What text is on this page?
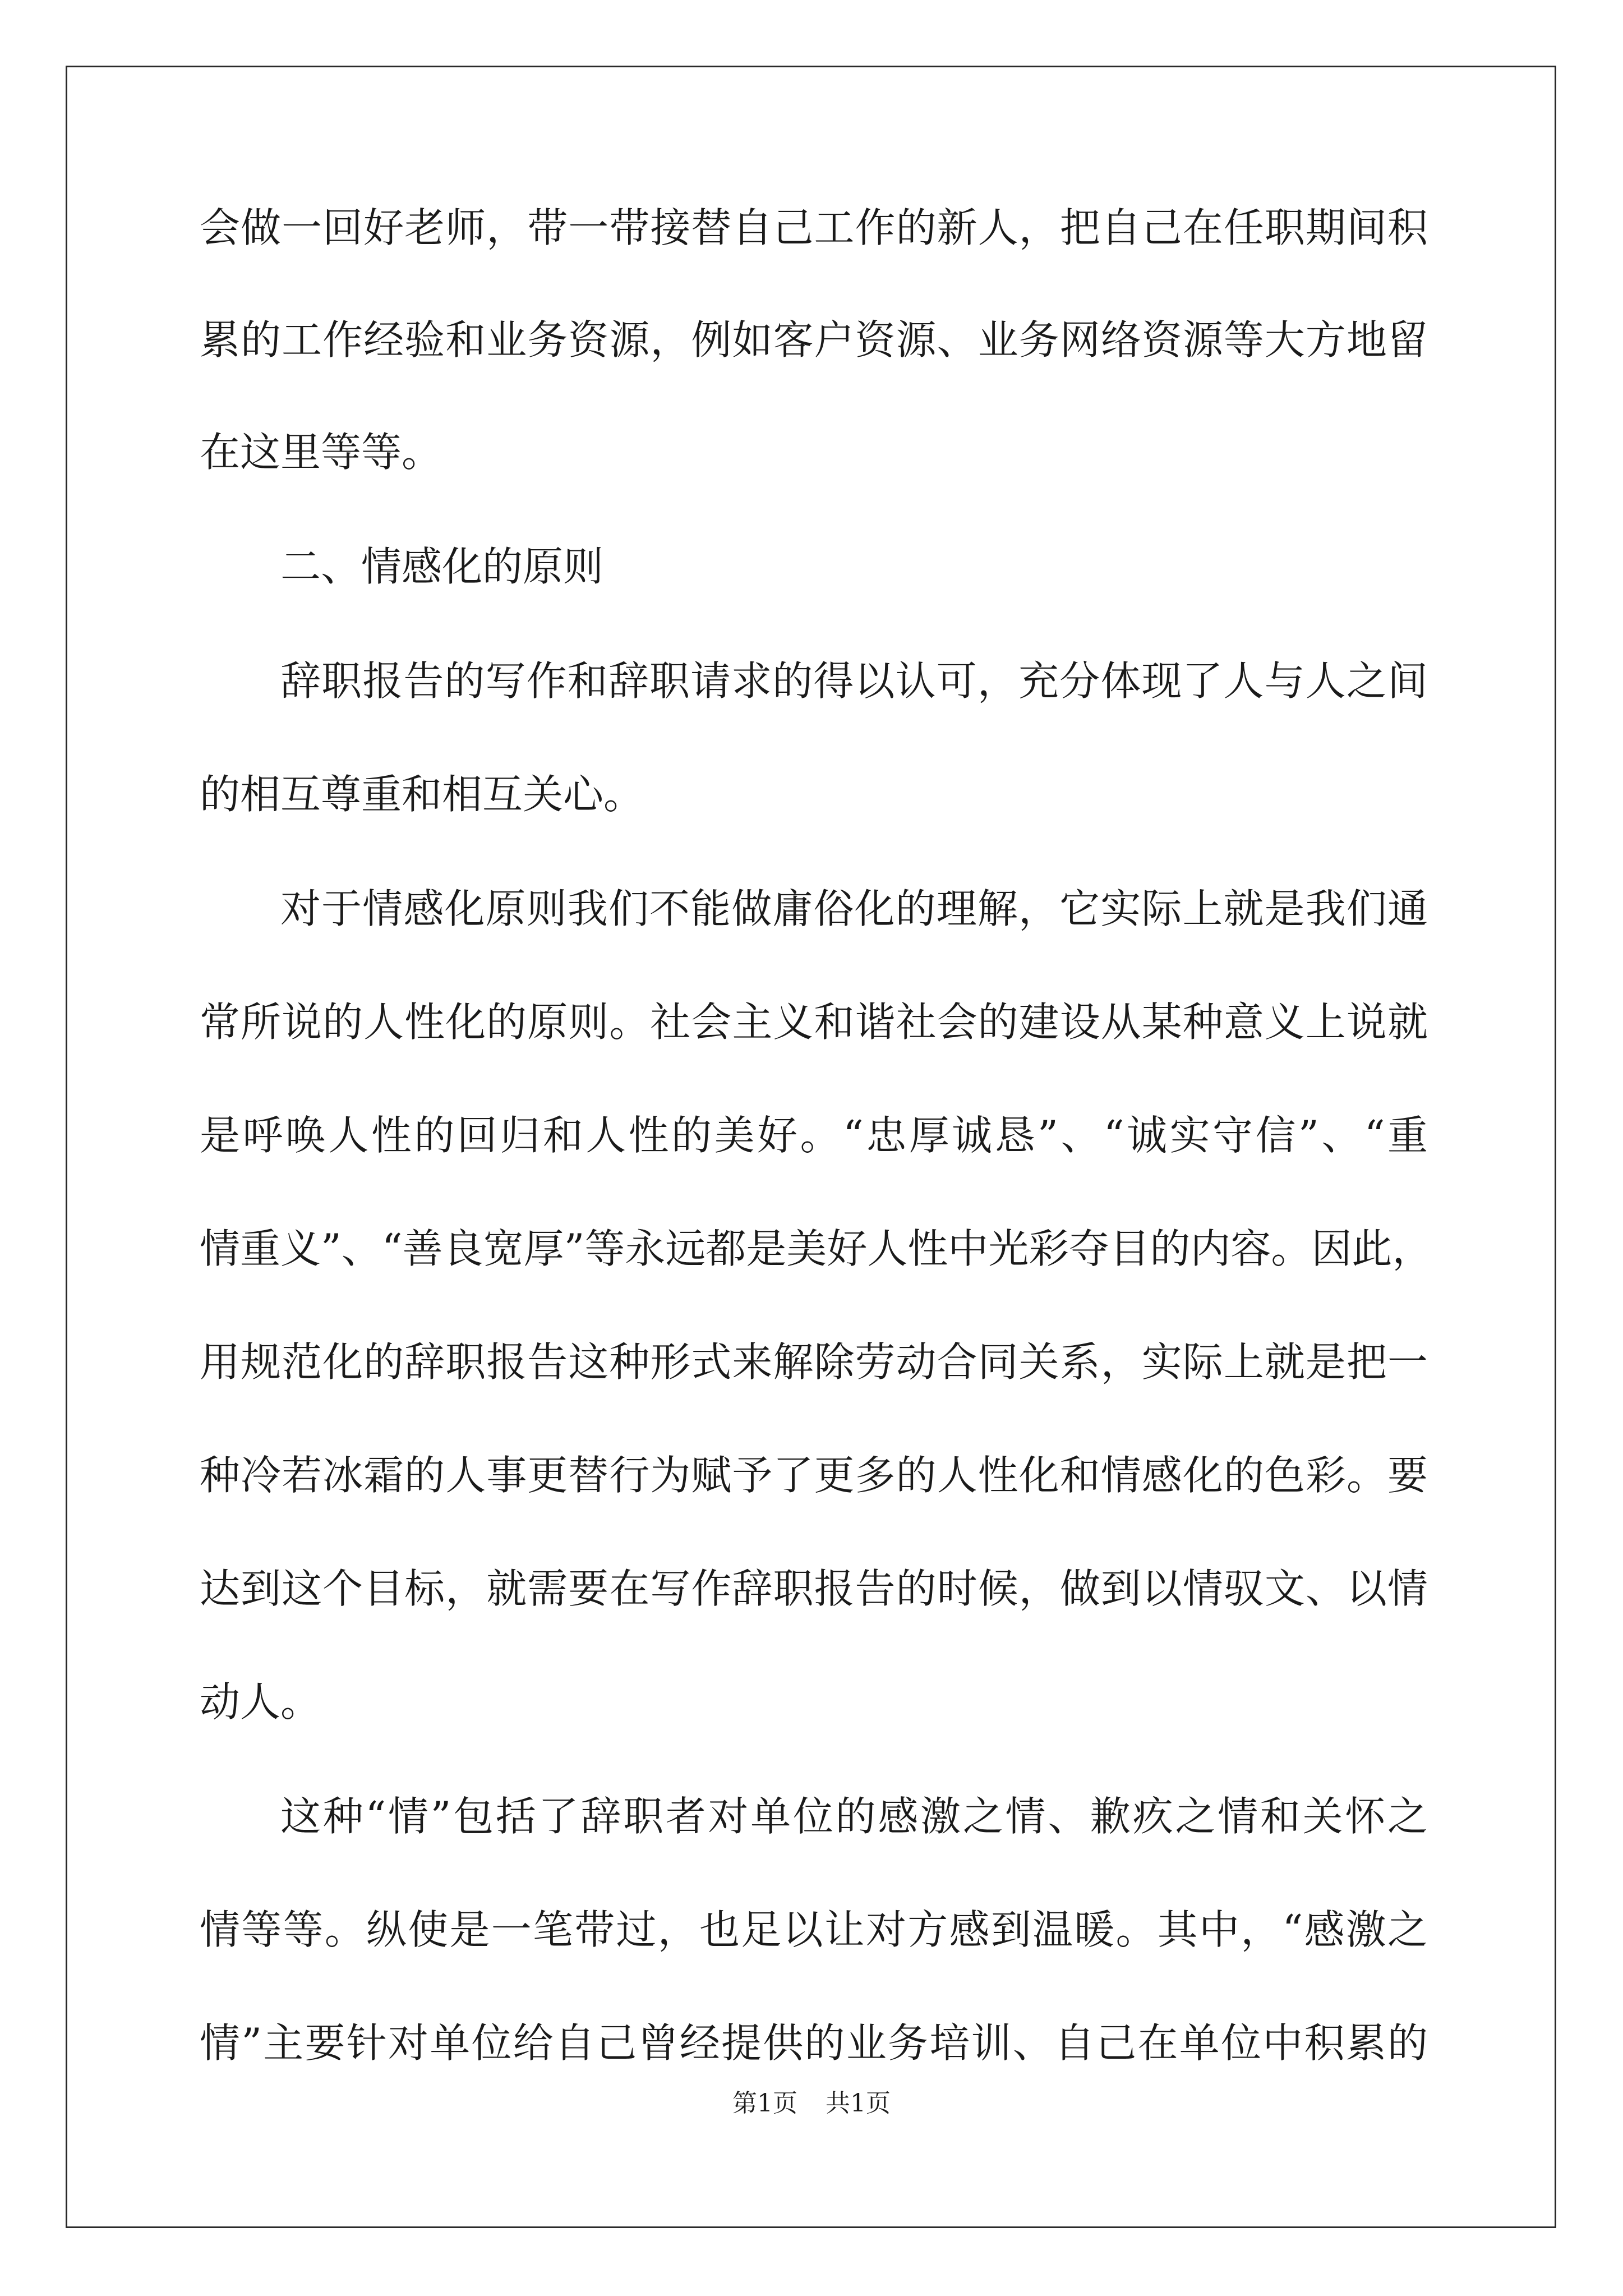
会做一回好老师，带一带接替自己工作的新人，把自己在任职期间积
累的工作经验和业务资源，例如客户资源、业务网络资源等大方地留
在这里等等。
二、情感化的原则
辞职报告的写作和辞职请求的得以认可，充分体现了人与人之间
的相互尊重和相互关心。
对于情感化原则我们不能做庸俗化的理解，它实际上就是我们通
常所说的人性化的原则。社会主义和谐社会的建设从某种意义上说就
是呼唤人性的回归和人性的美好。“忠厚诚恳”、“诚实守信”、“重
情重义”、“善良宽厚”等永远都是美好人性中光彩夺目的内容。因此，
用规范化的辞职报告这种形式来解除劳动合同关系，实际上就是把一
种冷若冰霜的人事更替行为赋予了更多的人性化和情感化的色彩。要
达到这个目标，就需要在写作辞职报告的时候，做到以情驭文、以情
动人。
这种“情”包括了辞职者对单位的感激之情、歉疚之情和关怀之
情等等。纵使是一笔带过，也足以让对方感到温暖。其中，“感激之
情”主要针对单位给自己曾经提供的业务培训、自己在单位中积累的
第1页 共1页
